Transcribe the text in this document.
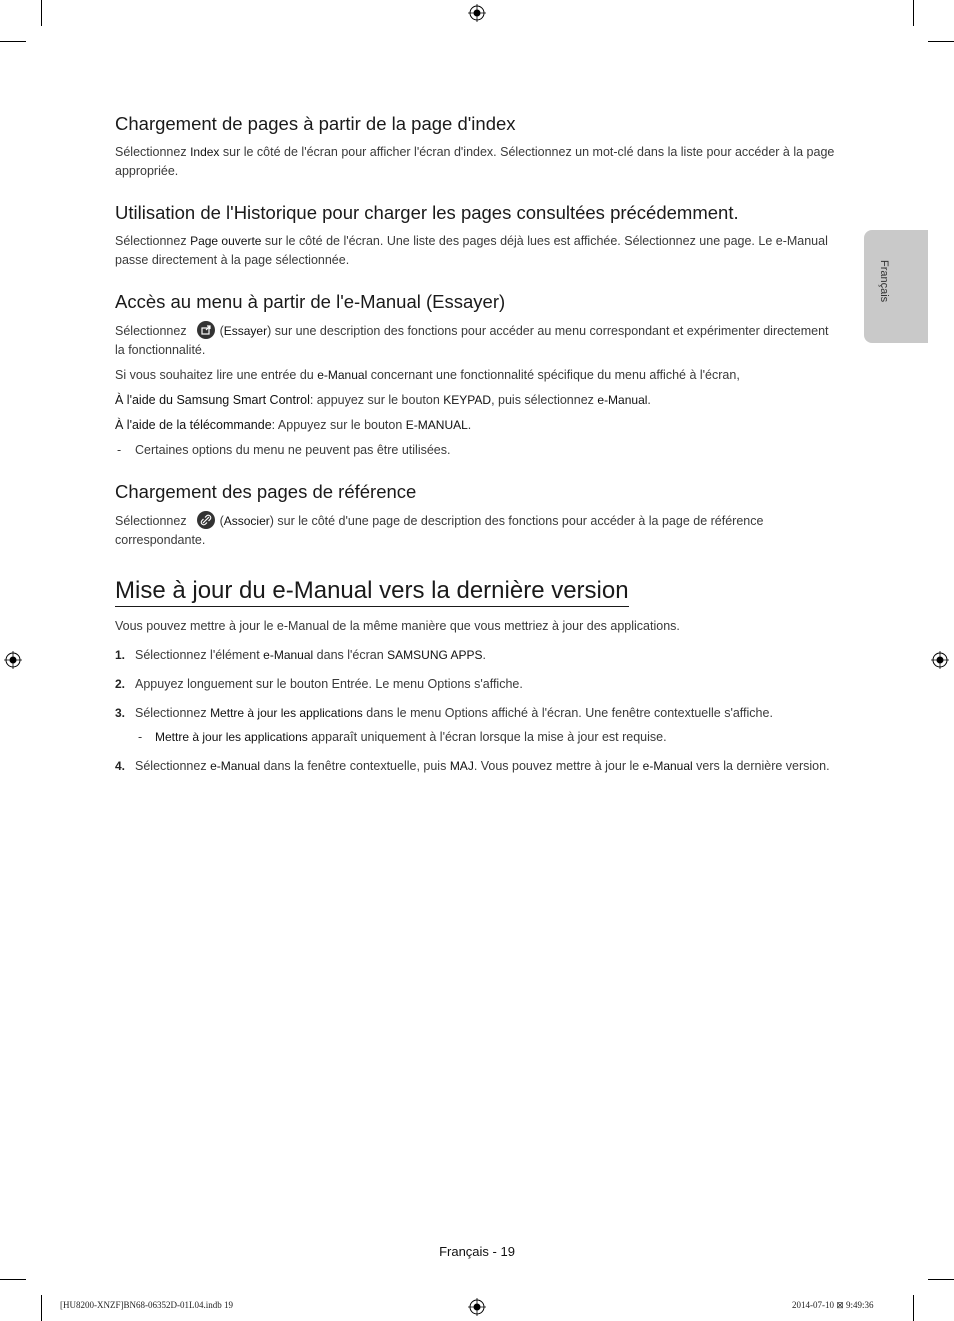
Français
Chargement de pages à partir de la page d'index

Sélectionnez Index sur le côté de l'écran pour afficher l'écran d'index. Sélectionnez un mot-clé dans la liste pour accéder à la page appropriée.

Utilisation de l'Historique pour charger les pages consultées précédemment.

Sélectionnez Page ouverte sur le côté de l'écran. Une liste des pages déjà lues est affichée. Sélectionnez une page. Le e-Manual passe directement à la page sélectionnée.

Accès au menu à partir de l'e-Manual (Essayer)

Sélectionnez	(Essayer) sur une description des fonctions pour accéder au menu correspondant et expérimenter directement la fonctionnalité.

Si vous souhaitez lire une entrée du e-Manual concernant une fonctionnalité spécifique du menu affiché à l'écran,

À l'aide du Samsung Smart Control: appuyez sur le bouton KEYPAD, puis sélectionnez e-Manual.

À l'aide de la télécommande: Appuyez sur le bouton E-MANUAL.

- Certaines options du menu ne peuvent pas être utilisées.

Chargement des pages de référence

Sélectionnez	(Associer) sur le côté d'une page de description des fonctions pour accéder à la page de référence correspondante.

Mise à jour du e-Manual vers la dernière version

Vous pouvez mettre à jour le e-Manual de la même manière que vous mettriez à jour des applications.

1. Sélectionnez l'élément e-Manual dans l'écran SAMSUNG APPS.
2. Appuyez longuement sur le bouton Entrée. Le menu Options s'affiche.
3. Sélectionnez Mettre à jour les applications dans le menu Options affiché à l'écran. Une fenêtre contextuelle s'affiche.
- Mettre à jour les applications apparaît uniquement à l'écran lorsque la mise à jour est requise.
4. Sélectionnez e-Manual dans la fenêtre contextuelle, puis MAJ. Vous pouvez mettre à jour le e-Manual vers la dernière version.
Français - 19
[HU8200-XNZF]BN68-06352D-01L04.indb 19	2014-07-10 ⊠ 9:49:36
